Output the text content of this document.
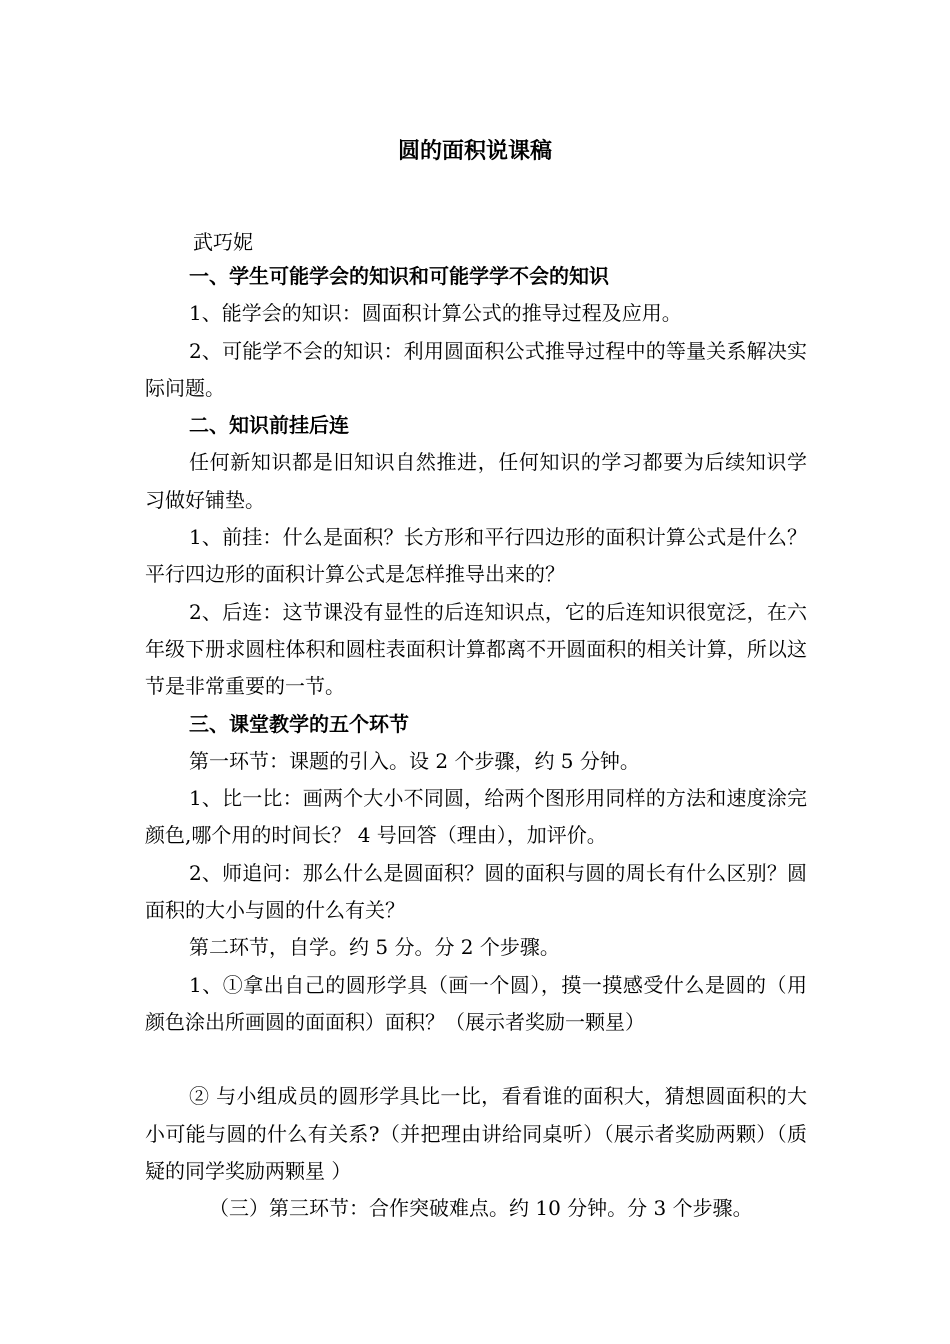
圆的面积说课稿
武巧妮

一、学生可能学会的知识和可能学学不会的知识

1、能学会的知识：圆面积计算公式的推导过程及应用。

2、可能学不会的知识：利用圆面积公式推导过程中的等量关系解决实际问题。

二、知识前挂后连

任何新知识都是旧知识自然推进，任何知识的学习都要为后续知识学习做好铺垫。

1、前挂：什么是面积？长方形和平行四边形的面积计算公式是什么？平行四边形的面积计算公式是怎样推导出来的？

2、后连：这节课没有显性的后连知识点，它的后连知识很宽泛，在六年级下册求圆柱体积和圆柱表面积计算都离不开圆面积的相关计算，所以这节是非常重要的一节。

三、课堂教学的五个环节

第一环节：课题的引入。设 2 个步骤，约 5 分钟。

1、比一比：画两个大小不同圆，给两个图形用同样的方法和速度涂完颜色,哪个用的时间长？ 4 号回答（理由），加评价。

2、师追问：那么什么是圆面积？圆的面积与圆的周长有什么区别？圆面积的大小与圆的什么有关？

第二环节，自学。约 5 分。分 2 个步骤。

1、①拿出自己的圆形学具（画一个圆），摸一摸感受什么是圆的（用颜色涂出所画圆的面面积）面积？（展示者奖励一颗星）

② 与小组成员的圆形学具比一比，看看谁的面积大，猜想圆面积的大小可能与圆的什么有关系?（并把理由讲给同桌听）（展示者奖励两颗）（质疑的同学奖励两颗星 ）

（三）第三环节：合作突破难点。约 10 分钟。分 3 个步骤。
